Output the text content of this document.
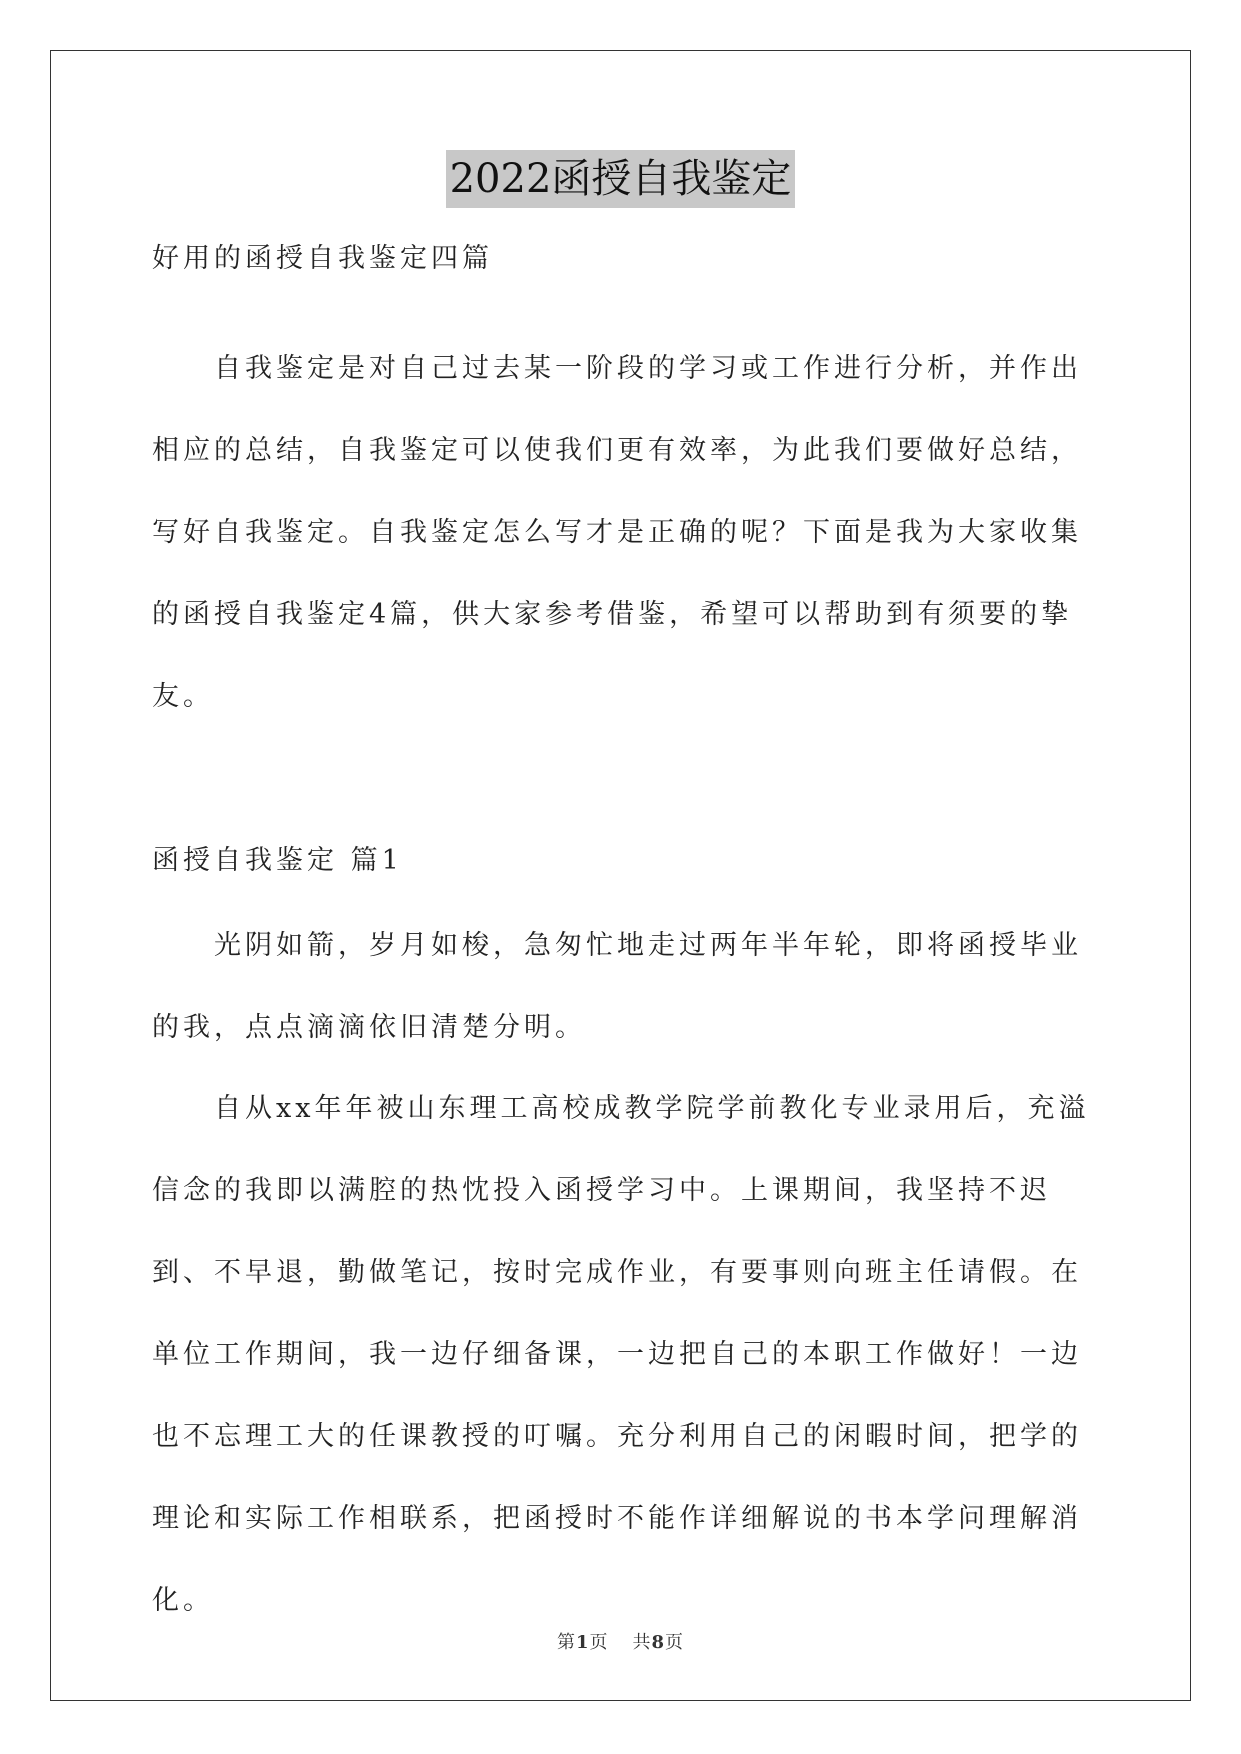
2022函授自我鉴定
好用的函授自我鉴定四篇
自我鉴定是对自己过去某一阶段的学习或工作进行分析，并作出相应的总结，自我鉴定可以使我们更有效率，为此我们要做好总结，写好自我鉴定。自我鉴定怎么写才是正确的呢？下面是我为大家收集的函授自我鉴定4篇，供大家参考借鉴，希望可以帮助到有须要的挚友。
函授自我鉴定 篇1
光阴如箭，岁月如梭，急匆忙地走过两年半年轮，即将函授毕业的我，点点滴滴依旧清楚分明。
自从xx年年被山东理工高校成教学院学前教化专业录用后，充溢信念的我即以满腔的热忱投入函授学习中。上课期间，我坚持不迟到、不早退，勤做笔记，按时完成作业，有要事则向班主任请假。在单位工作期间，我一边仔细备课，一边把自己的本职工作做好！一边也不忘理工大的任课教授的叮嘱。充分利用自己的闲暇时间，把学的理论和实际工作相联系，把函授时不能作详细解说的书本学问理解消化。
第1页 共8页
